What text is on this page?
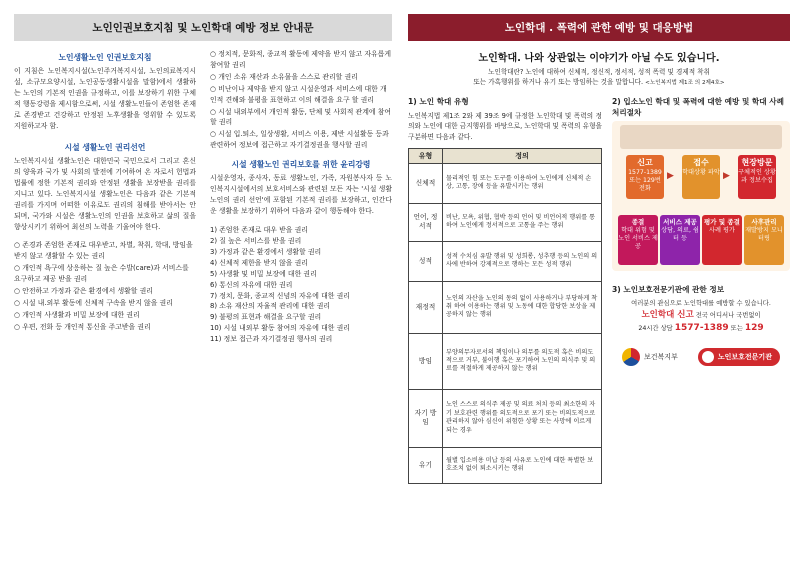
노인인권보호지침 및 노인학대 예방 정보 안내문
노인생활노인 인권보호지침

이 지침은 노인복지시설(노인주거복지시설, 노인의료복지시설, 소규모요양시설, 노인공동생활시설을 말함)에서 생활하는 노인의 기본적 인권을 규정하고, 이를 보장하기 위한 구체적 행동강령을 제시함으로써, 시설 생활노인들이 존엄한 존재로 존경받고 건강하고 안정된 노후생활을 영위할 수 있도록 지원하고자 함.

시설 생활노인 권리선언

노인복지시설 생활노인은 대한민국 국민으로서 그리고 혼신의 양육과 국가 및 사회의 발전에 기여하여 온 자로서 헌법과 법률에 정한 기본적 권리와 안정된 생활을 보장받을 권리를 지니고 있다. 노인복지시설 생활노인은 다음과 같은 기본적 권리를 가지며 어떠한 이유로도 권리의 침해를 받아서는 안 되며, 국가와 시설은 생활노인의 인권을 보호하고 삶의 질을 향상시키기 위하여 최선의 노력을 기울여야 한다.

○ 존경과 존엄한 존재로 대우받고, 차별, 착취, 학대, 방임을 받지 않고 생활할 수 있는 권리
○ 개인적 욕구에 상응하는 질 높은 수발(care)과 서비스를 요구하고 제공 받을 권리
○ 안전하고 가정과 같은 환경에서 생활할 권리
○ 시설 내.외부 활동에 신체적 구속을 받지 않을 권리
○ 개인적 사생활과 비밀 보장에 대한 권리
○ 우편, 전화 등 개인적 통신을 주고받을 권리
○ 정치적, 문화적, 종교적 활동에 제약을 받지 않고 자유롭게 참여할 권리
○ 개인 소유 재산과 소유물을 스스로 관리할 권리
○ 비난이나 제약을 받지 않고 시설운영과 서비스에 대한 개인적 견해와 불평을 표현하고 이의 해결을 요구 할 권리
○ 시설 내외부에서 개인적 활동, 단체 및 사회적 관계에 참여할 권리
○ 시설 입.퇴소, 일상생활, 서비스 이용, 제반 시설활동 등과 관련하여 정보에 접근하고 자기결정권을 행사할 권리
시설 생활노인 권리보호를 위한 윤리강령

시설운영자, 종사자, 동료 생활노인, 가족, 자원봉사자 등 노인복지시설에서의 보호서비스와 관련된 모든 자는 '시설 생활노인의 권리 선언'에 포함된 기본적 권리를 보장하고, 인간다운 생활을 보장하기 위하여 다음과 같이 행동해야 한다.

1) 존엄한 존재로 대우 받을 권리
2) 질 높은 서비스를 받을 권리
3) 가정과 같은 환경에서 생활할 권리
4) 신체적 제한을 받지 않을 권리
5) 사생활 및 비밀 보장에 대한 권리
6) 통신의 자유에 대한 권리
7) 정치, 문화, 종교적 신념의 자유에 대한 권리
8) 소유 재산의 자율적 관리에 대한 권리
9) 불평의 표현과 해결을 요구할 권리
10) 시설 내외부 활동 참여의 자유에 대한 권리
11) 정보 접근과 자기결정권 행사의 권리
노인학대 . 폭력에 관한 예방 및 대응방법
노인학대. 나와 상관없는 이야기가 아닐 수도 있습니다.
노인학대란? 노인에 대하여 신체적, 정신적, 정서적, 성적 폭력 및 경제적 착취
또는 가혹행위를 하거나 유기 또는 방임하는 것을 말합니다. <노인복지법 제1조 의 2제4호>
1) 노인 학대 유형
노인복지법 제1조 2와 제 39조 9에 규정한 노인학대 및 폭력의 정의와 노인에 대한 금지행위를 바탕으로, 노인학대 및 폭력의 유형을 구분하면 다음과 같다.
유형	정의
신체적	물리적인 힘 또는 도구를 이용하여 노인에게 신체적 손상, 고통, 장애 등을 유발시키는 행위
언어, 정서적	비난, 모욕, 위협, 협박 등의 언어 및 비언어적 행위를 통하여 노인에게 정서적으로 고통을 주는 행위
성적	성적 수치심 유발 행위 및 성희롱, 성추행 등의 노인의 의사에 반하여 강제적으로 행하는 모든 성적 행위
재정적	노인의 자산을 노인의 동의 없이 사용하거나 부당하게 착취 하여 이용하는 행위 및 노동에 대한 합당한 보상을 제공하지 않는 행위
방임	부양의무자로서의 책임이나 의무를 의도적 혹은 비의도적으로 거부, 불이행 혹은 포기하여 노인의 의식주 및 의료를 적절하게 제공하지 않는 행위
자기 방임	노인 스스로 의식주 제공 및 의료 처치 등의 최소한의 자기 보호관련 행위를 의도적으로 포기 또는 비의도적으로 관리하지 않아 심신이 위험한 상황 또는 사망에 이르게 되는 경우
유기	월별 입소비용 미납 등의 사유로 노인에 대한 특별한 보호조치 없이 퇴소시키는 행위
2) 입소노인 학대 및 폭력에 대한 예방 및 학대 사례 처리절차
신고
1577-1389 또는 129번 전화
▶
접수
학대상황 파악 ▶
현장방문
구체적인 상황과 정보수집
종결
학대 위험 및 노인 서비스 제공
서비스 제공
상담, 의료, 쉼터 등
평가 및 종결
사례 평가
사후관리
재발방지 모니터링
3) 노인보호전문기관에 관한 정보
여러분의 관심으로 노인학대를 예방할 수 있습니다.
노인학대 신고 전국 어디서나 국번없이
24시간 상담 1577-1389 또는 129
보건복지부	노인보호전문기관
